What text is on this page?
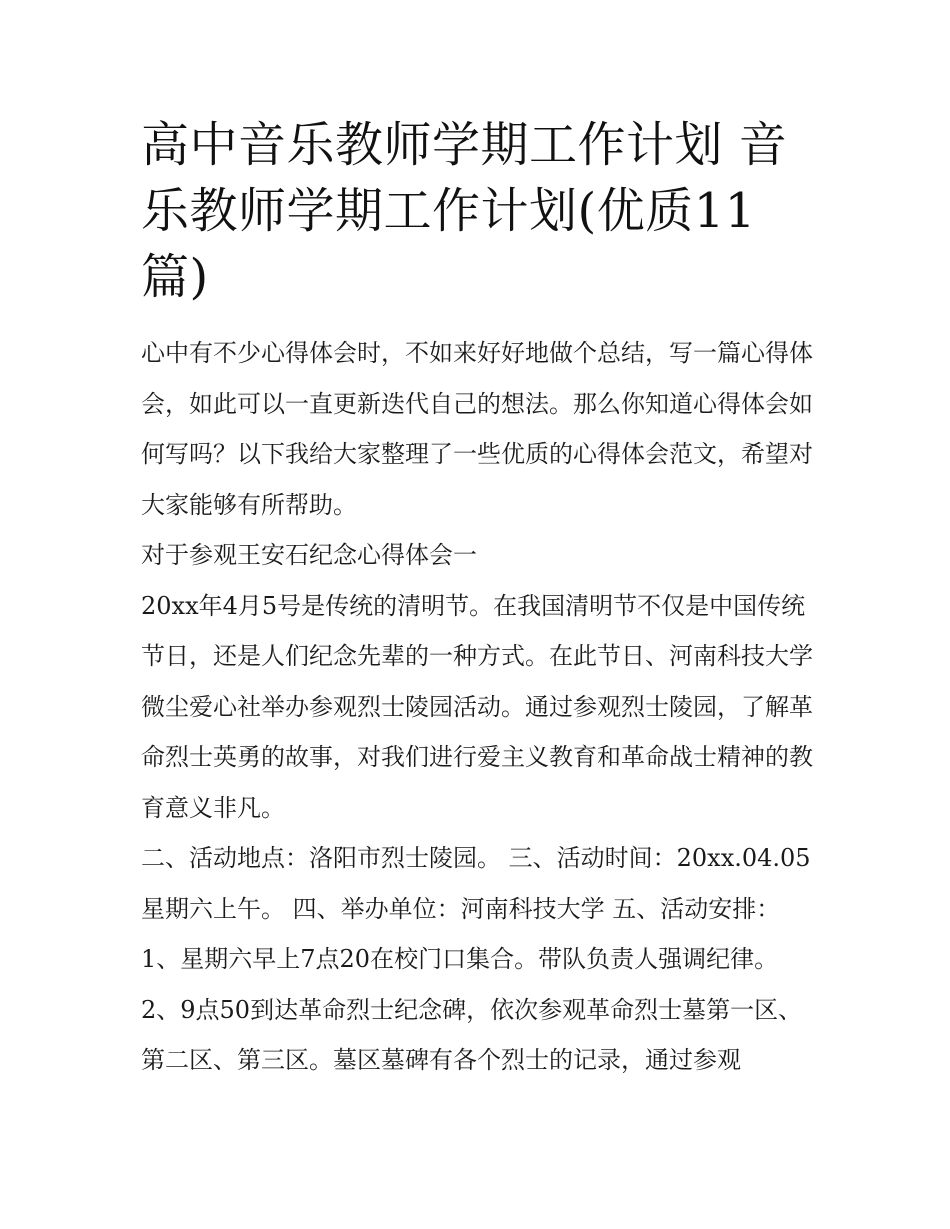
高中音乐教师学期工作计划 音乐教师学期工作计划(优质11篇)

心中有不少心得体会时，不如来好好地做个总结，写一篇心得体会，如此可以一直更新迭代自己的想法。那么你知道心得体会如何写吗？以下我给大家整理了一些优质的心得体会范文，希望对大家能够有所帮助。

对于参观王安石纪念心得体会一

20xx年4月5号是传统的清明节。在我国清明节不仅是中国传统节日，还是人们纪念先辈的一种方式。在此节日、河南科技大学微尘爱心社举办参观烈士陵园活动。通过参观烈士陵园，了解革命烈士英勇的故事，对我们进行爱主义教育和革命战士精神的教育意义非凡。

二、活动地点：洛阳市烈士陵园。 三、活动时间：20xx.04.05星期六上午。 四、举办单位：河南科技大学 五、活动安排：

1、星期六早上7点20在校门口集合。带队负责人强调纪律。

2、9点50到达革命烈士纪念碑，依次参观革命烈士墓第一区、第二区、第三区。墓区墓碑有各个烈士的记录，通过参观
